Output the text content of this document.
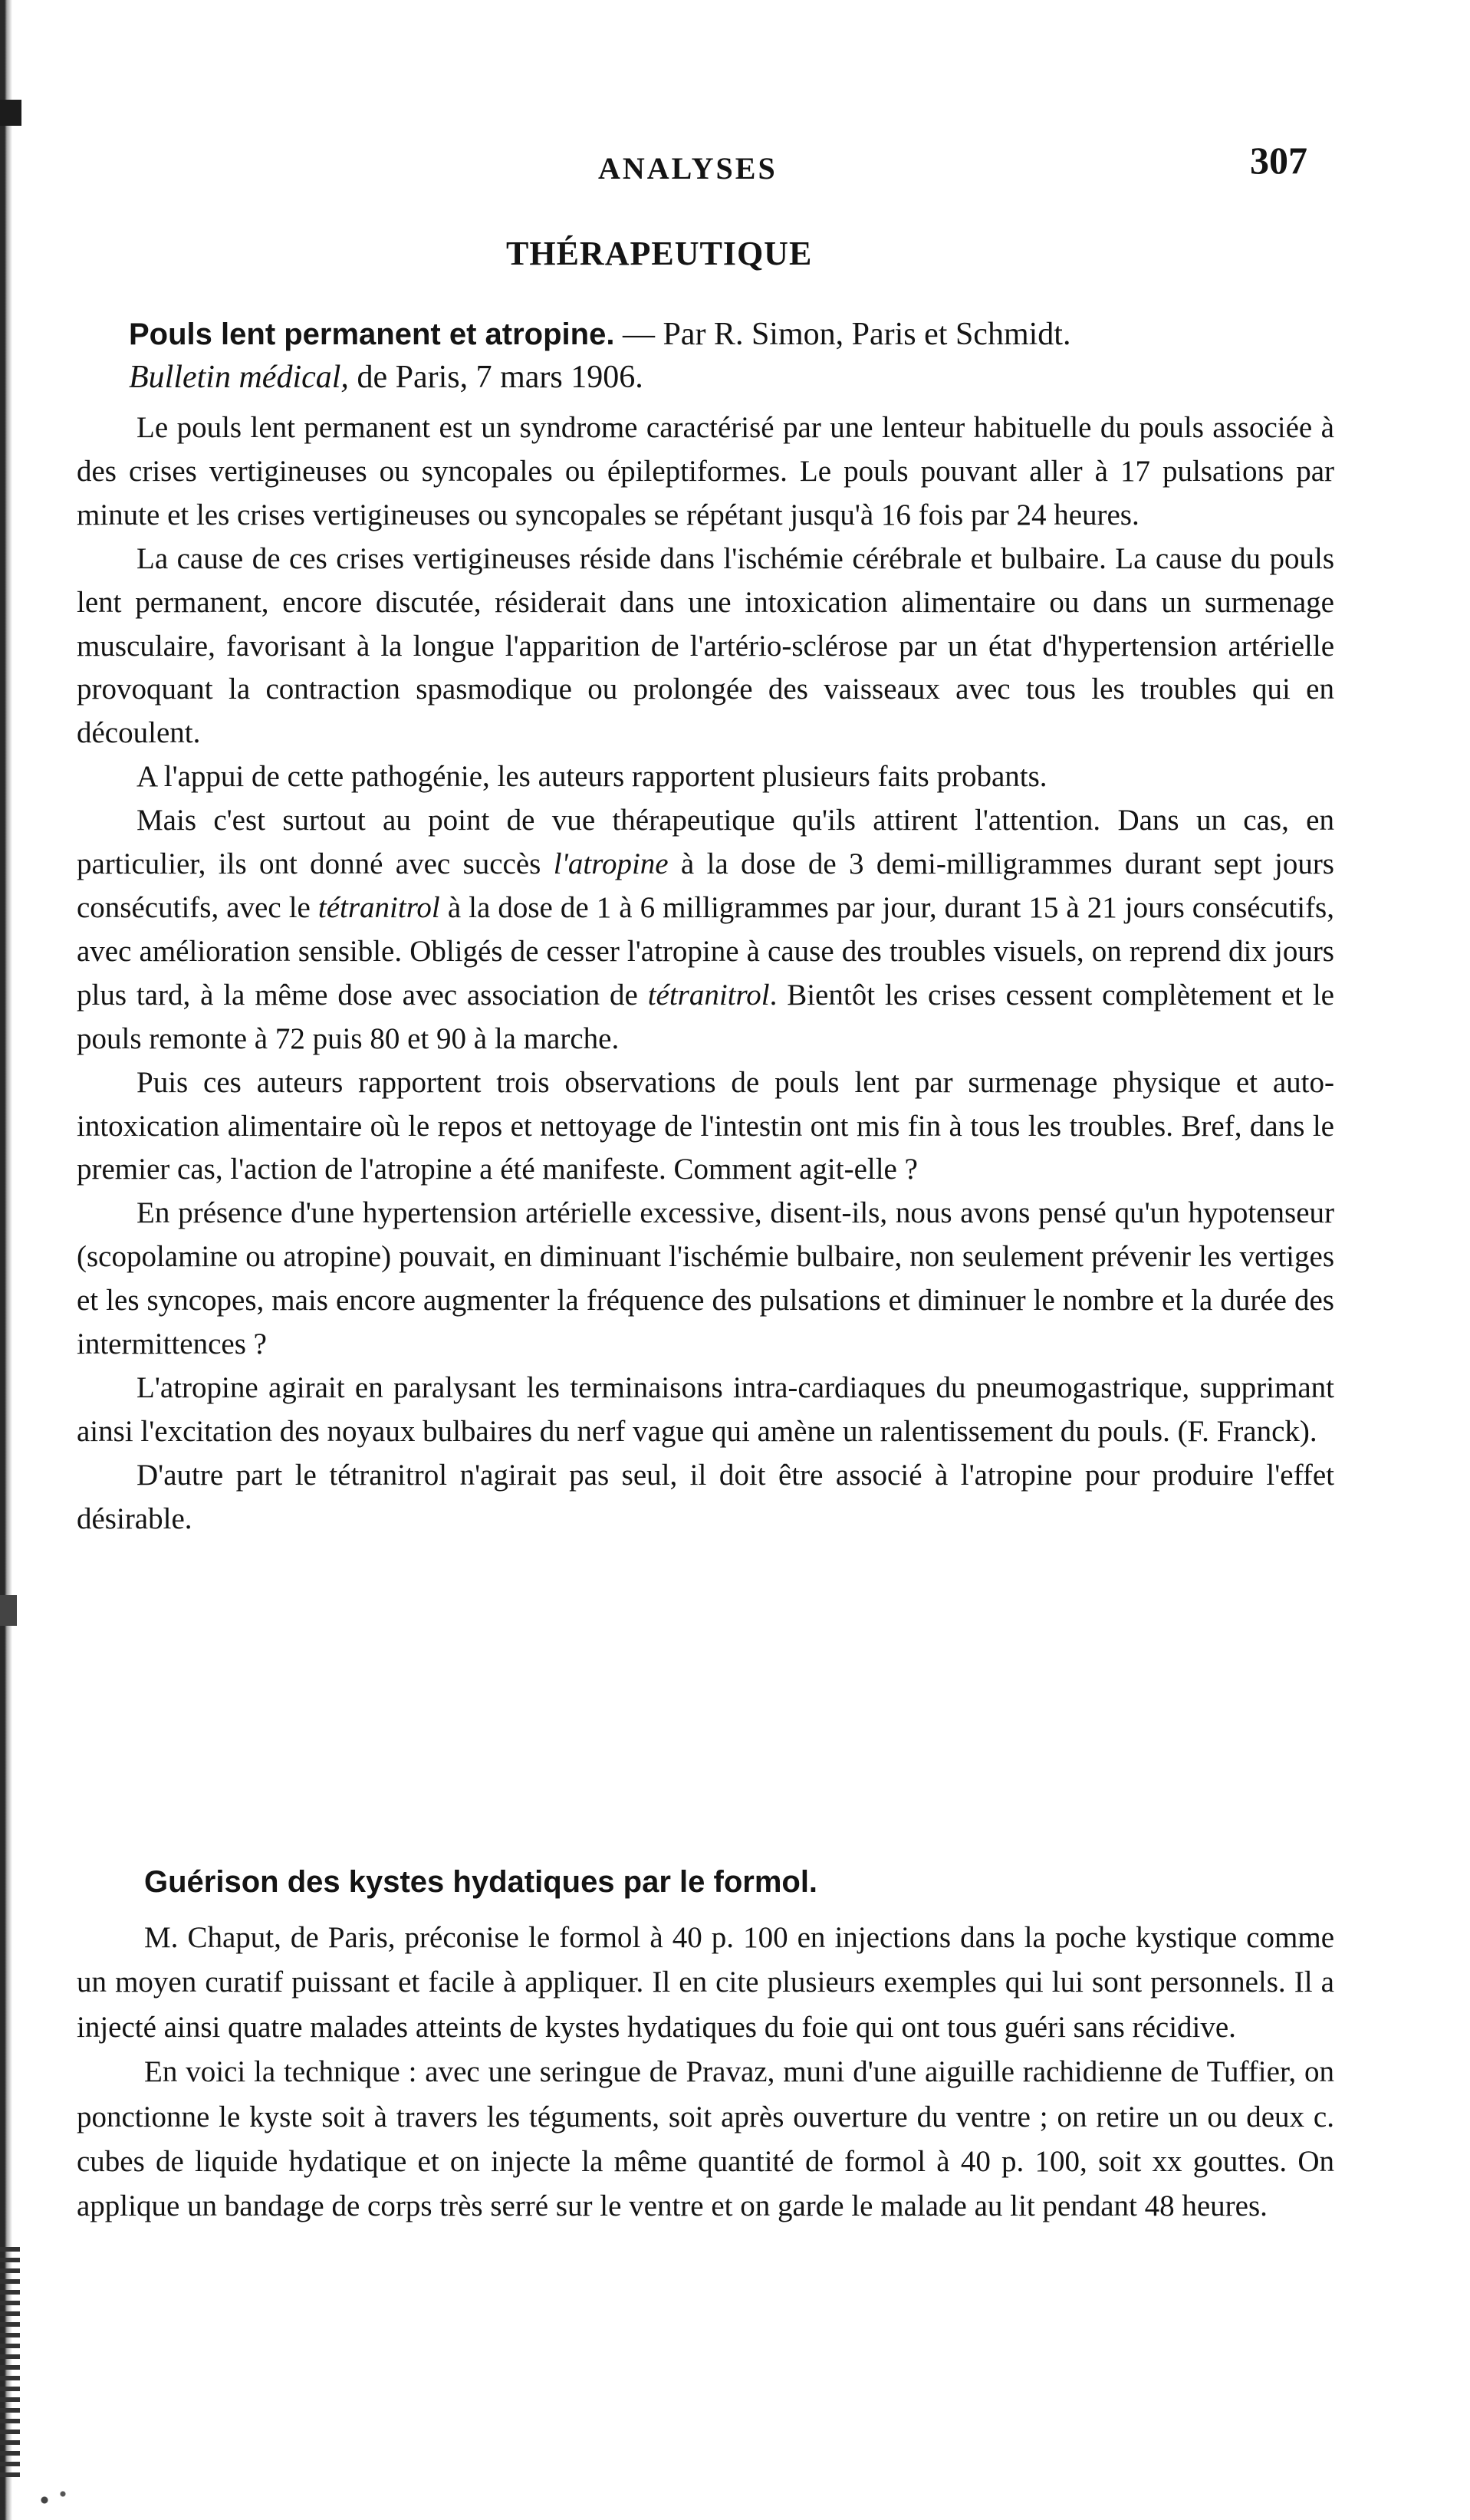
ANALYSES	307
THÉRAPEUTIQUE
Pouls lent permanent et atropine. — Par R. Simon, Paris et Schmidt.
Bulletin médical, de Paris, 7 mars 1906.

Le pouls lent permanent est un syndrome caractérisé par une lenteur habituelle du pouls associée à des crises vertigineuses ou syncopales ou épileptiformes. Le pouls pouvant aller à 17 pulsations par minute et les crises vertigineuses ou syncopales se répétant jusqu'à 16 fois par 24 heures.

La cause de ces crises vertigineuses réside dans l'ischémie cérébrale et bulbaire. La cause du pouls lent permanent, encore discutée, résiderait dans une intoxication alimentaire ou dans un surmenage musculaire, favorisant à la longue l'apparition de l'artério-sclérose par un état d'hypertension artérielle provoquant la contraction spasmodique ou prolongée des vaisseaux avec tous les troubles qui en découlent.

A l'appui de cette pathogénie, les auteurs rapportent plusieurs faits probants.

Mais c'est surtout au point de vue thérapeutique qu'ils attirent l'attention. Dans un cas, en particulier, ils ont donné avec succès l'atropine à la dose de 3 demi-milligrammes durant sept jours consécutifs, avec le tétranitrol à la dose de 1 à 6 milligrammes par jour, durant 15 à 21 jours consécutifs, avec amélioration sensible. Obligés de cesser l'atropine à cause des troubles visuels, on reprend dix jours plus tard, à la même dose avec association de tétranitrol. Bientôt les crises cessent complètement et le pouls remonte à 72 puis 80 et 90 à la marche.

Puis ces auteurs rapportent trois observations de pouls lent par surmenage physique et auto-intoxication alimentaire où le repos et nettoyage de l'intestin ont mis fin à tous les troubles. Bref, dans le premier cas, l'action de l'atropine a été manifeste. Comment agit-elle ?

En présence d'une hypertension artérielle excessive, disent-ils, nous avons pensé qu'un hypotenseur (scopolamine ou atropine) pouvait, en diminuant l'ischémie bulbaire, non seulement prévenir les vertiges et les syncopes, mais encore augmenter la fréquence des pulsations et diminuer le nombre et la durée des intermittences ?

L'atropine agirait en paralysant les terminaisons intra-cardiaques du pneumogastrique, supprimant ainsi l'excitation des noyaux bulbaires du nerf vague qui amène un ralentissement du pouls. (F. Franck).

D'autre part le tétranitrol n'agirait pas seul, il doit être associé à l'atropine pour produire l'effet désirable.

Guérison des kystes hydatiques par le formol.

M. Chaput, de Paris, préconise le formol à 40 p. 100 en injections dans la poche kystique comme un moyen curatif puissant et facile à appliquer. Il en cite plusieurs exemples qui lui sont personnels. Il a injecté ainsi quatre malades atteints de kystes hydatiques du foie qui ont tous guéri sans récidive.

En voici la technique : avec une seringue de Pravaz, muni d'une aiguille rachidienne de Tuffier, on ponctionne le kyste soit à travers les téguments, soit après ouverture du ventre ; on retire un ou deux c. cubes de liquide hydatique et on injecte la même quantité de formol à 40 p. 100, soit xx gouttes. On applique un bandage de corps très serré sur le ventre et on garde le malade au lit pendant 48 heures.
